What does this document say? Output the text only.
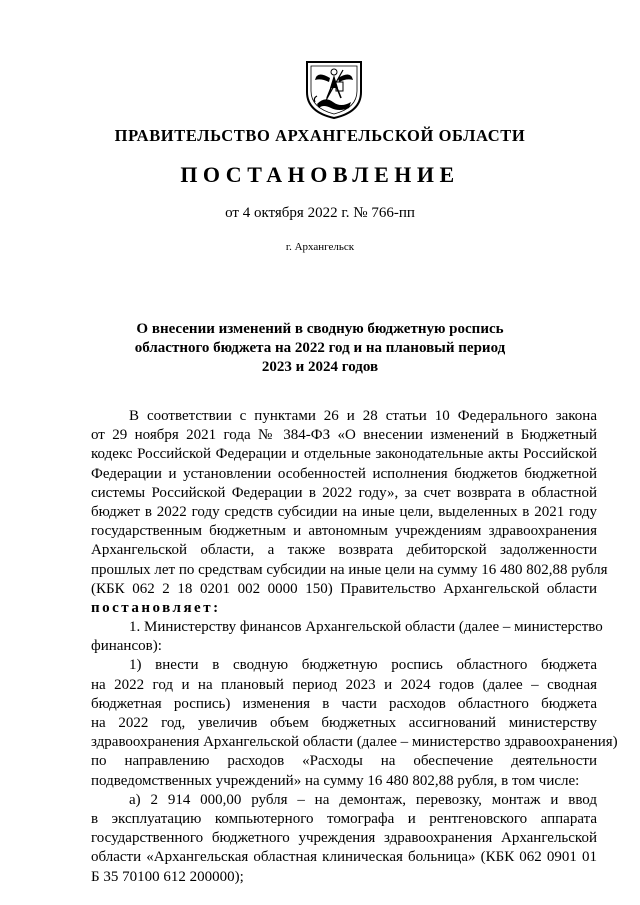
ПРАВИТЕЛЬСТВО АРХАНГЕЛЬСКОЙ ОБЛАСТИ
ПОСТАНОВЛЕНИЕ
от 4 октября 2022 г. № 766-пп
г. Архангельск
О внесении изменений в сводную бюджетную роспись
областного бюджета на 2022 год и на плановый период
2023 и 2024 годов
В соответствии с пунктами 26 и 28 статьи 10 Федерального закона
от 29 ноября 2021 года № 384-ФЗ «О внесении изменений в Бюджетный
кодекс Российской Федерации и отдельные законодательные акты Российской
Федерации и установлении особенностей исполнения бюджетов бюджетной
системы Российской Федерации в 2022 году», за счет возврата в областной
бюджет в 2022 году средств субсидии на иные цели, выделенных в 2021 году
государственным бюджетным и автономным учреждениям здравоохранения
Архангельской области, а также возврата дебиторской задолженности
прошлых лет по средствам субсидии на иные цели на сумму 16 480 802,88 рубля
(КБК 062 2 18 0201 002 0000 150) Правительство Архангельской области
постановляет:
1. Министерству финансов Архангельской области (далее – министерство
финансов):
1) внести в сводную бюджетную роспись областного бюджета
на 2022 год и на плановый период 2023 и 2024 годов (далее – сводная
бюджетная роспись) изменения в части расходов областного бюджета
на 2022 год, увеличив объем бюджетных ассигнований министерству
здравоохранения Архангельской области (далее – министерство здравоохранения)
по направлению расходов «Расходы на обеспечение деятельности
подведомственных учреждений» на сумму 16 480 802,88 рубля, в том числе:
а) 2 914 000,00 рубля – на демонтаж, перевозку, монтаж и ввод
в эксплуатацию компьютерного томографа и рентгеновского аппарата
государственного бюджетного учреждения здравоохранения Архангельской
области «Архангельская областная клиническая больница» (КБК 062 0901 01
Б 35 70100 612 200000);
